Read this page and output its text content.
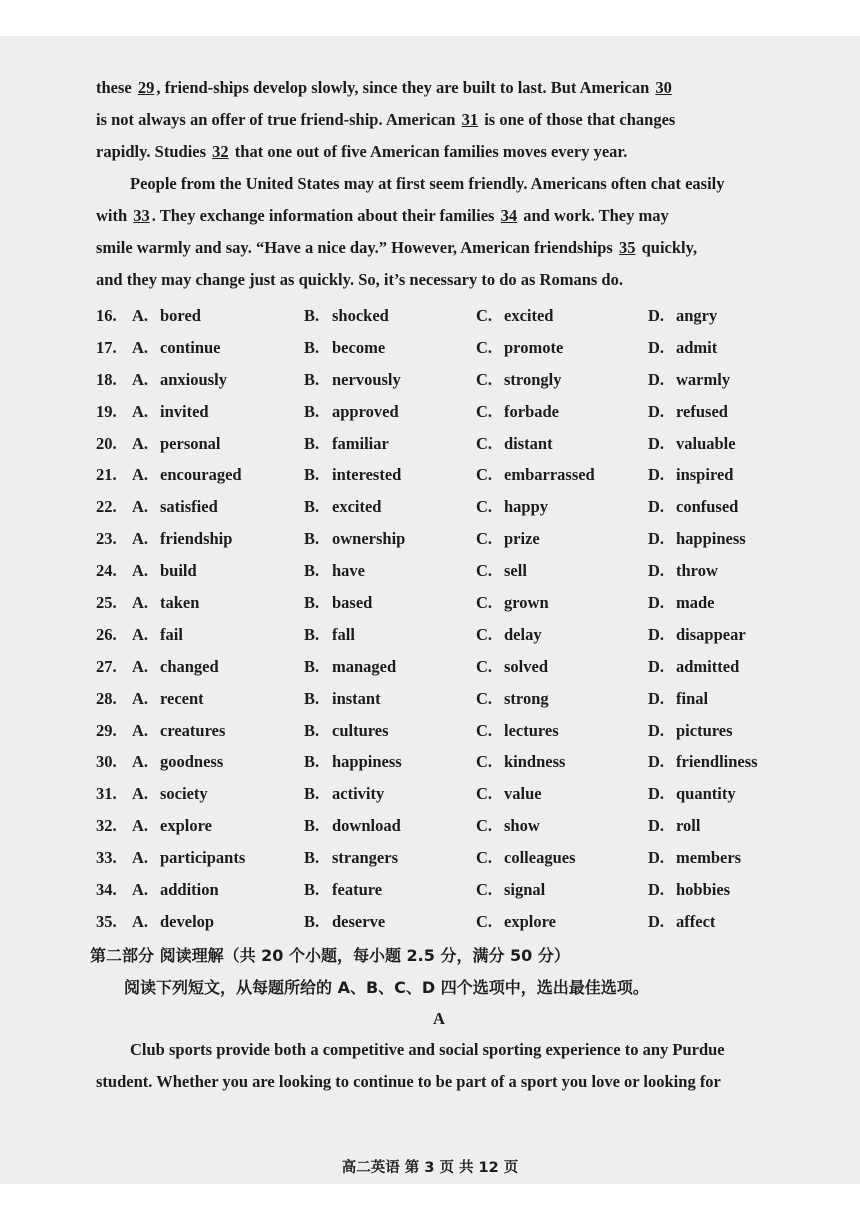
these 29 , friend-ships develop slowly, since they are built to last. But American 30

is not always an offer of true friend-ship. American 31 is one of those that changes

rapidly. Studies 32 that one out of five American families moves every year.

People from the United States may at first seem friendly. Americans often chat easily

with 33 . They exchange information about their families 34 and work. They may

smile warmly and say. “Have a nice day.” However, American friendships 35 quickly,

and they may change just as quickly. So, it’s necessary to do as Romans do.

16. A. bored	B. shocked	C. excited	D. angry
17. A. continue	B. become	C. promote	D. admit
18. A. anxiously	B. nervously	C. strongly	D. warmly
19. A. invited	B. approved	C. forbade	D. refused
20. A. personal	B. familiar	C. distant	D. valuable
21. A. encouraged	B. interested	C. embarrassed	D. inspired
22. A. satisfied	B. excited	C. happy	D. confused
23. A. friendship	B. ownership	C. prize	D. happiness
24. A. build	B. have	C. sell	D. throw
25. A. taken	B. based	C. grown	D. made
26. A. fail	B. fall	C. delay	D. disappear
27. A. changed	B. managed	C. solved	D. admitted
28. A. recent	B. instant	C. strong	D. final
29. A. creatures	B. cultures	C. lectures	D. pictures
30. A. goodness	B. happiness	C. kindness	D. friendliness
31. A. society	B. activity	C. value	D. quantity
32. A. explore	B. download	C. show	D. roll
33. A. participants	B. strangers	C. colleagues	D. members
34. A. addition	B. feature	C. signal	D. hobbies
35. A. develop	B. deserve	C. explore	D. affect
第二部分 阅读理解（共 20 个小题，每小题 2.5 分，满分 50 分）
阅读下列短文，从每题所给的 A、B、C、D 四个选项中，选出最佳选项。
A

Club sports provide both a competitive and social sporting experience to any Purdue

student. Whether you are looking to continue to be part of a sport you love or looking for

高二英语 第 3 页 共 12 页
